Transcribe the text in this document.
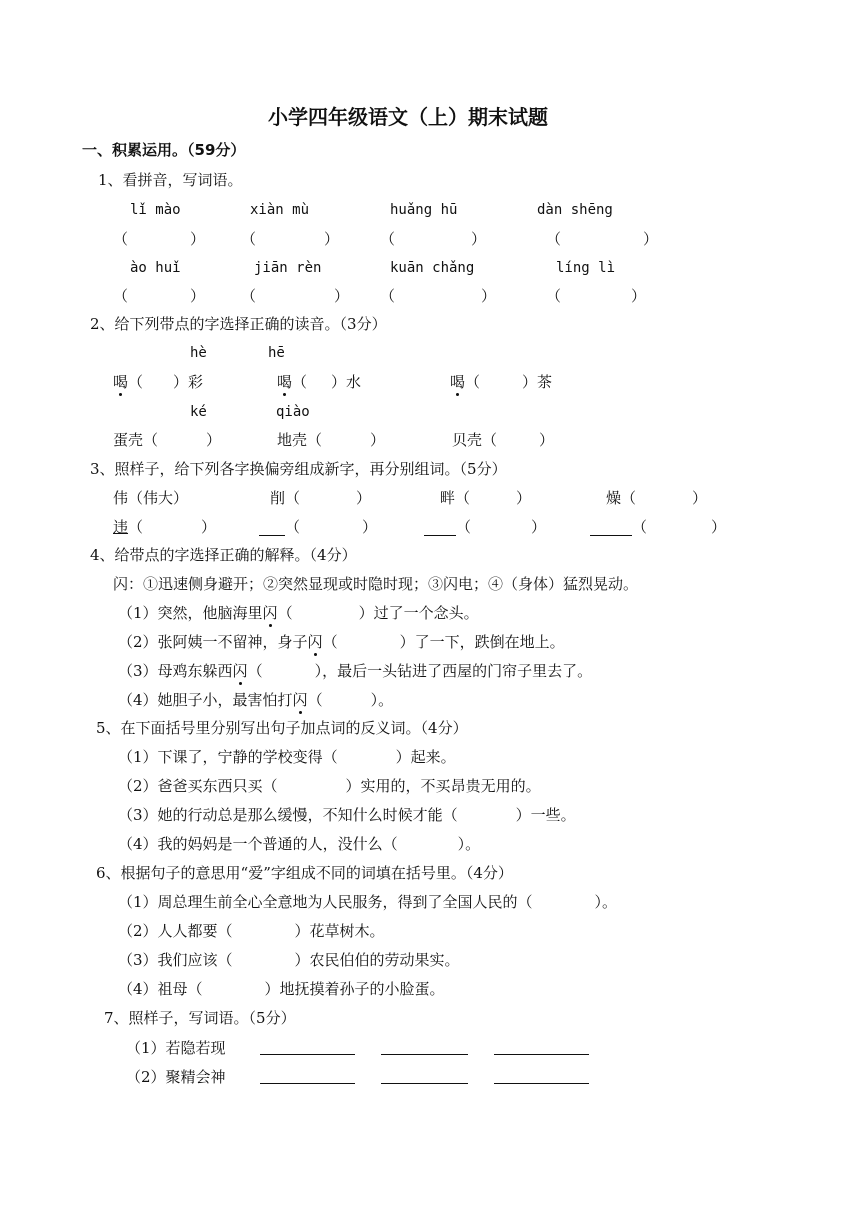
小学四年级语文（上）期末试题
一、积累运用。（59分）
1、看拼音，写词语。
lǐ mào	xiàn mù	huǎng hū	dàn shēng
（	） （	）	（	）	（	）
ào huǐ	jiān rèn	kuān chǎng	líng lì
（	） （	） （	）	（	）
2、给下列带点的字选择正确的读音。（3分）
hè	hē
喝（ ）彩	喝（ ）水	喝（	）茶
ké	qiào
蛋壳（	）	地壳（	）	贝壳（	）
3、照样子，给下列各字换偏旁组成新字，再分别组词。（5分）
伟（伟大）	削（	）	畔（	）	燥（	）
违（	）	（	）	（	）	（	）
4、给带点的字选择正确的解释。（4分）
闪：①迅速侧身避开；②突然显现或时隐时现；③闪电；④（身体）猛烈晃动。
（1）突然，他脑海里闪（	）过了一个念头。
（2）张阿姨一不留神，身子闪（	）了一下，跌倒在地上。
（3）母鸡东躲西闪（	），最后一头钻进了西屋的门帘子里去了。
（4）她胆子小，最害怕打闪（	）。
5、在下面括号里分别写出句子加点词的反义词。（4分）
（1）下课了，宁静的学校变得（	）起来。
（2）爸爸买东西只买（	）实用的，不买昂贵无用的。
（3）她的行动总是那么缓慢，不知什么时候才能（	）一些。
（4）我的妈妈是一个普通的人，没什么（	）。
6、根据句子的意思用“爱”字组成不同的词填在括号里。（4分）
（1）周总理生前全心全意地为人民服务，得到了全国人民的（	）。
（2）人人都要（	）花草树木。
（3）我们应该（	）农民伯伯的劳动果实。
（4）祖母（	）地抚摸着孙子的小脸蛋。
7、照样子，写词语。（5分）
（1）若隐若现
（2）聚精会神
